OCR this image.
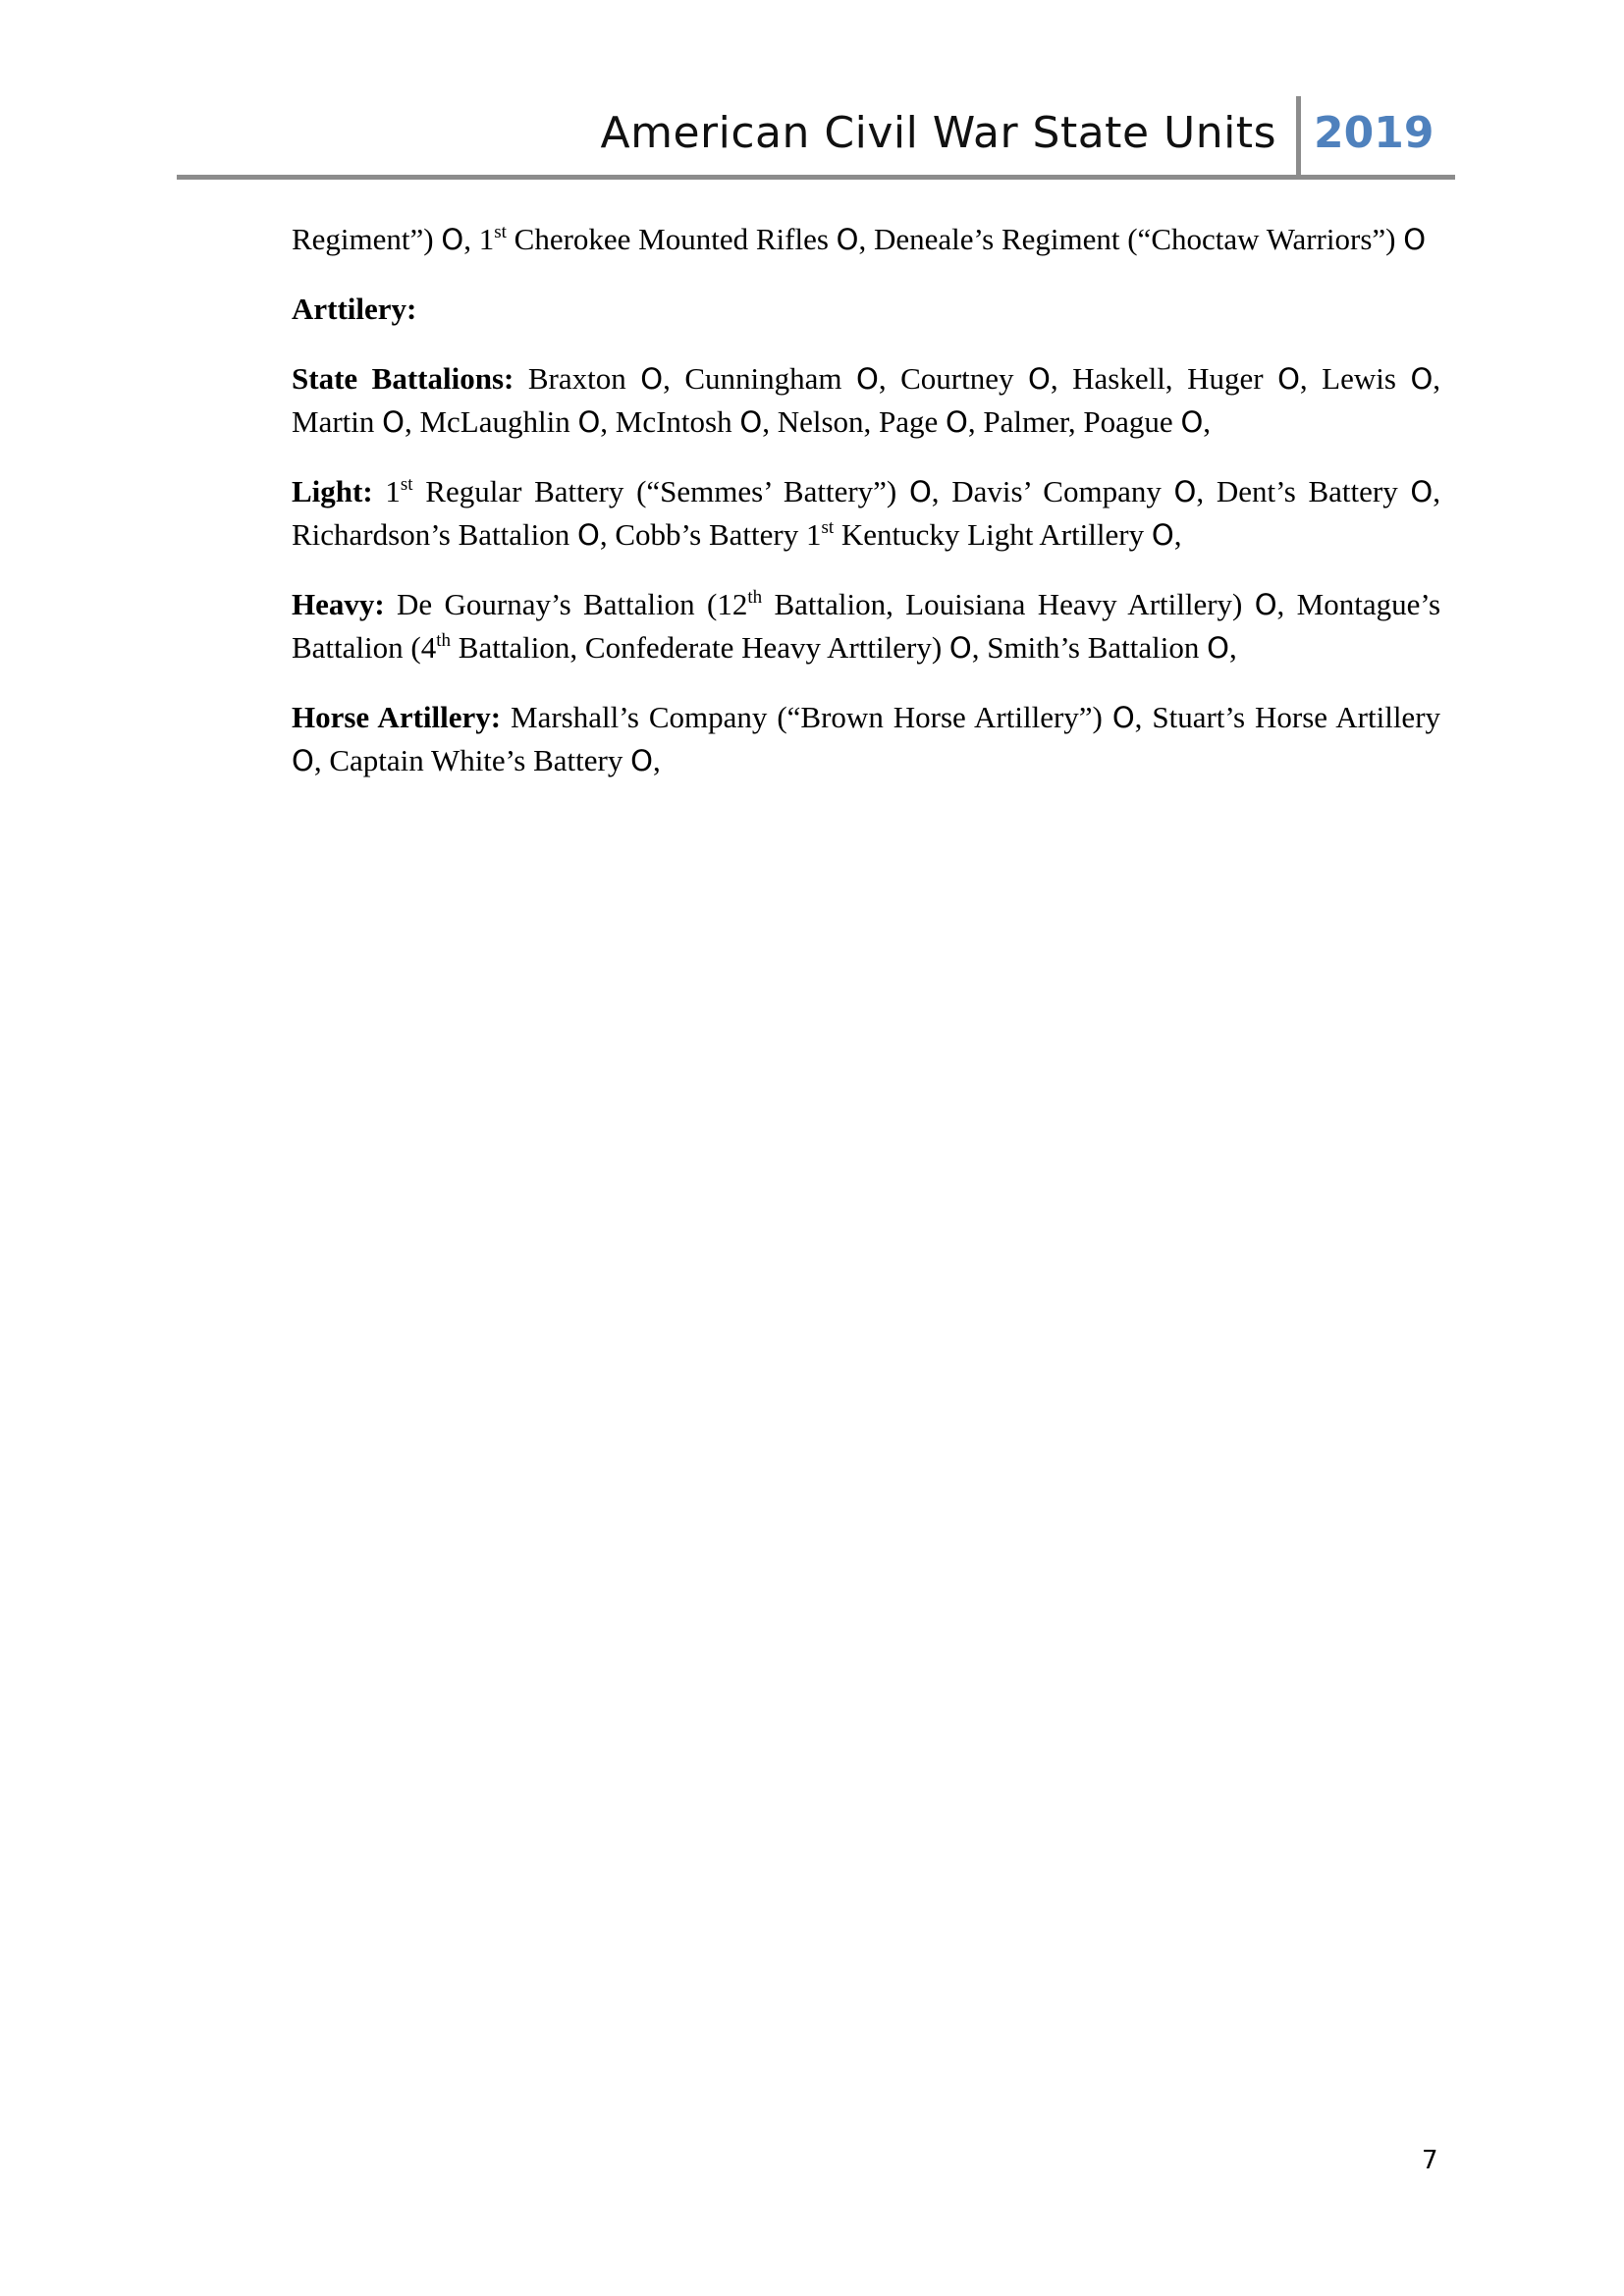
American Civil War State Units 2019

Regiment”) O, 1st Cherokee Mounted Rifles O, Deneale’s Regiment (“Choctaw Warriors”) O

Arttilery:

State Battalions: Braxton O, Cunningham O, Courtney O, Haskell, Huger O, Lewis O, Martin O, McLaughlin O, McIntosh O, Nelson, Page O, Palmer, Poague O,

Light: 1st Regular Battery (“Semmes’ Battery”) O, Davis’ Company O, Dent’s Battery O, Richardson’s Battalion O, Cobb’s Battery 1st Kentucky Light Artillery O,

Heavy: De Gournay’s Battalion (12th Battalion, Louisiana Heavy Artillery) O, Montague’s Battalion (4th Battalion, Confederate Heavy Arttilery) O, Smith’s Battalion O,

Horse Artillery: Marshall’s Company (“Brown Horse Artillery”) O, Stuart’s Horse Artillery O, Captain White’s Battery O,

7
